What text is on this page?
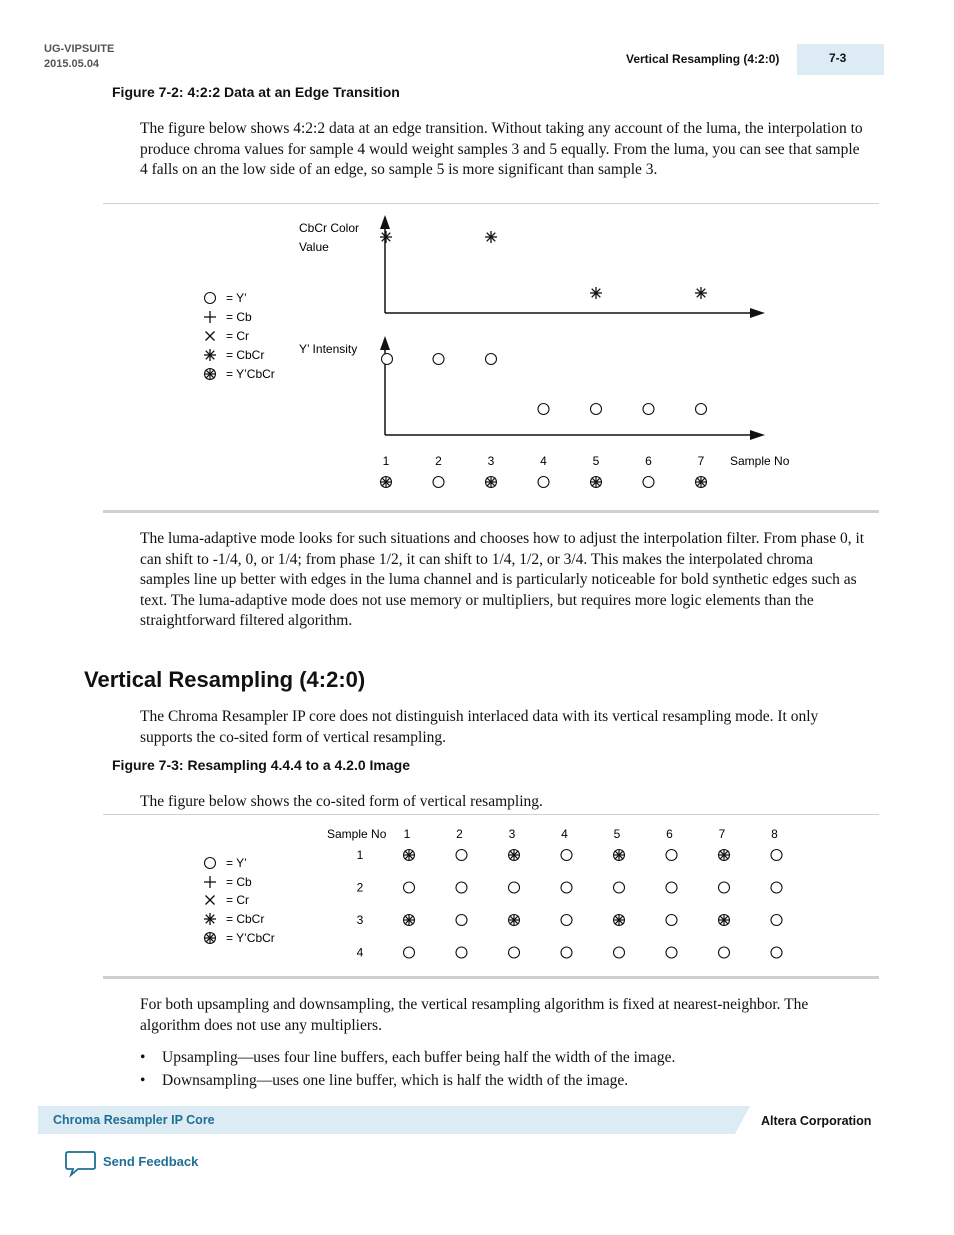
UG-VIPSUITE
2015.05.04	Vertical Resampling (4:2:0)	7-3
Figure 7-2: 4:2:2 Data at an Edge Transition

The figure below shows 4:2:2 data at an edge transition. Without taking any account of the luma, the interpolation to produce chroma values for sample 4 would weight samples 3 and 5 equally. From the luma, you can see that sample 4 falls on an the low side of an edge, so sample 5 is more significant than sample 3.

= Y’
= Cb
= Cr
= CbCr
= Y’CbCr
CbCr Color
Value
Y’ Intensity
Sample No
1	2	3	4	5	6	7

The luma-adaptive mode looks for such situations and chooses how to adjust the interpolation filter. From phase 0, it can shift to -1/4, 0, or 1/4; from phase 1/2, it can shift to 1/4, 1/2, or 3/4. This makes the interpolated chroma samples line up better with edges in the luma channel and is particularly noticeable for bold synthetic edges such as text. The luma-adaptive mode does not use memory or multipliers, but requires more logic elements than the straightforward filtered algorithm.

Vertical Resampling (4:2:0)

The Chroma Resampler IP core does not distinguish interlaced data with its vertical resampling mode. It only supports the co-sited form of vertical resampling.

Figure 7-3: Resampling 4.4.4 to a 4.2.0 Image

The figure below shows the co-sited form of vertical resampling.

= Y’
= Cb
= Cr
= CbCr
= Y’CbCr
Sample No 1	2	3	4	5	6	7	8
1
2
3
4

For both upsampling and downsampling, the vertical resampling algorithm is fixed at nearest-neighbor. The algorithm does not use any multipliers.

• Upsampling—uses four line buffers, each buffer being half the width of the image.
• Downsampling—uses one line buffer, which is half the width of the image.
Chroma Resampler IP Core	Altera Corporation
Send Feedback
